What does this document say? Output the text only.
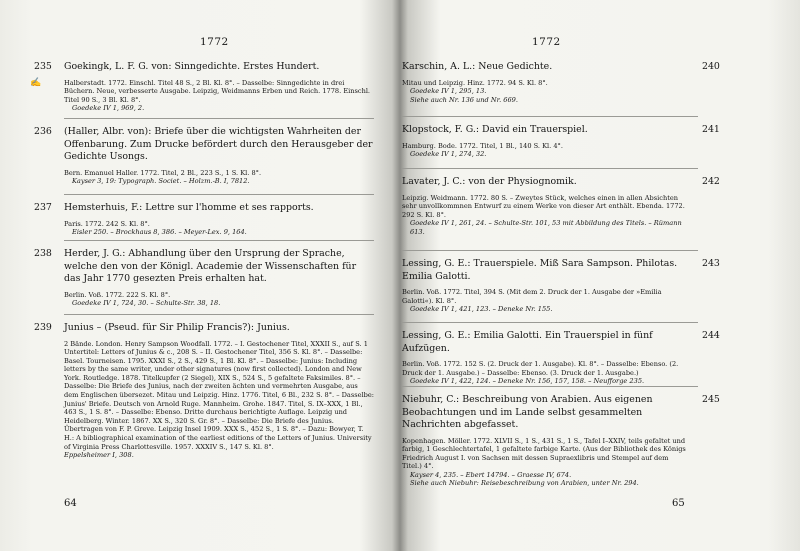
1772
✍
235 Goekingk, L. F. G. von: Sinngedichte. Erstes Hundert.
Halberstadt. 1772. Einschl. Titel 48 S., 2 Bl. Kl. 8°. – Dasselbe: Sinngedichte in drei Büchern. Neue, verbesserte Ausgabe. Leipzig, Weidmanns Erben und Reich. 1778. Einschl. Titel 90 S., 3 Bl. Kl. 8°.
Goedeke IV 1, 969, 2.
236 (Haller, Albr. von): Briefe über die wichtigsten Wahrheiten der Offenbarung. Zum Drucke befördert durch den Herausgeber der Gedichte Usongs.
Bern. Emanuel Haller. 1772. Titel, 2 Bl., 223 S., 1 S. Kl. 8°.
Kayser 3, 19: Typograph. Societ. – Holzm.-B. I, 7812.
237 Hemsterhuis, F.: Lettre sur l'homme et ses rapports.
Paris. 1772. 242 S. Kl. 8°.
Eisler 250. – Brockhaus 8, 386. – Meyer-Lex. 9, 164.
238 Herder, J. G.: Abhandlung über den Ursprung der Sprache, welche den von der Königl. Academie der Wissenschaften für das Jahr 1770 gesezten Preis erhalten hat.
Berlin. Voß. 1772. 222 S. Kl. 8°.
Goedeke IV 1, 724, 30. – Schulte-Str. 38, 18.
239 Junius – (Pseud. für Sir Philip Francis?): Junius.
2 Bände. London. Henry Sampson Woodfall. 1772. – I. Gestochener Titel, XXXII S., auf S. 1 Untertitel: Letters of Junius & c., 208 S. – II. Gestochener Titel, 356 S. Kl. 8°. – Dasselbe: Basel. Tourneisen. 1795. XXXI S., 2 S., 429 S., 1 Bl. Kl. 8°. – Dasselbe: Junius: Including letters by the same writer, under other signatures (now first collected). London and New York. Routledge. 1878. Titelkupfer (2 Siegel), XIX S., 524 S., 5 gefaltete Faksimiles. 8°. – Dasselbe: Die Briefe des Junius, nach der zweiten ächten und vermehrten Ausgabe, aus dem Englischen übersezet. Mitau und Leipzig. Hinz. 1776. Titel, 6 Bl., 232 S. 8°. – Dasselbe: Junius' Briefe. Deutsch von Arnold Ruge. Mannheim. Grohe. 1847. Titel, S. IX–XXX, 1 Bl., 463 S., 1 S. 8°. – Dasselbe: Ebenso. Dritte durchaus berichtigte Auflage. Leipzig und Heidelberg. Winter. 1867. XX S., 320 S. Gr. 8°. – Dasselbe: Die Briefe des Junius. Übertragen von F. P. Greve. Leipzig Insel 1909. XXX S., 452 S., 1 S. 8°. – Dazu: Bowyer, T. H.: A bibliographical examination of the earliest editions of the Letters of Junius. University of Virginia Press Charlottesville. 1957. XXXIV S., 147 S. Kl. 8°.
Eppelsheimer I, 308.
64
1772
240
Karschin, A. L.: Neue Gedichte.
Mitau und Leipzig. Hinz. 1772. 94 S. Kl. 8°.
Goedeke IV 1, 295, 13.
Siehe auch Nr. 136 und Nr. 669.
241
Klopstock, F. G.: David ein Trauerspiel.
Hamburg. Bode. 1772. Titel, 1 Bl., 140 S. Kl. 4°.
Goedeke IV 1, 274, 32.
242
Lavater, J. C.: von der Physiognomik.
Leipzig. Weidmann. 1772. 80 S. – Zweytes Stück, welches einen in allen Absichten sehr unvollkommnen Entwurf zu einem Werke von dieser Art enthält. Ebenda. 1772. 292 S. Kl. 8°.
Goedeke IV 1, 261, 24. – Schulte-Str. 101, 53 mit Abbildung des Titels. – Rümann 613.
243
Lessing, G. E.: Trauerspiele. Miß Sara Sampson. Philotas. Emilia Galotti.
Berlin. Voß. 1772. Titel, 394 S. (Mit dem 2. Druck der 1. Ausgabe der »Emilia Galotti«). Kl. 8°.
Goedeke IV 1, 421, 123. – Deneke Nr. 155.
244
Lessing, G. E.: Emilia Galotti. Ein Trauerspiel in fünf Aufzügen.
Berlin. Voß. 1772. 152 S. (2. Druck der 1. Ausgabe). Kl. 8°. – Dasselbe: Ebenso. (2. Druck der 1. Ausgabe.) – Dasselbe: Ebenso. (3. Druck der 1. Ausgabe.)
Goedeke IV 1, 422, 124. – Deneke Nr. 156, 157, 158. – Neufforge 235.
245
Niebuhr, C.: Beschreibung von Arabien. Aus eigenen Beobachtungen und im Lande selbst gesammelten Nachrichten abgefasset.
Kopenhagen. Möller. 1772. XLVII S., 1 S., 431 S., 1 S., Tafel I–XXIV, teils gefaltet und farbig, 1 Geschlechtertafel, 1 gefaltete farbige Karte. (Aus der Bibliothek des Königs Friedrich August I. von Sachsen mit dessen Supraexlibris und Stempel auf dem Titel.) 4°.
Kayser 4, 235. – Ebert 14794. – Graesse IV, 674.
Siehe auch Niebuhr: Reisebeschreibung von Arabien, unter Nr. 294.
65
